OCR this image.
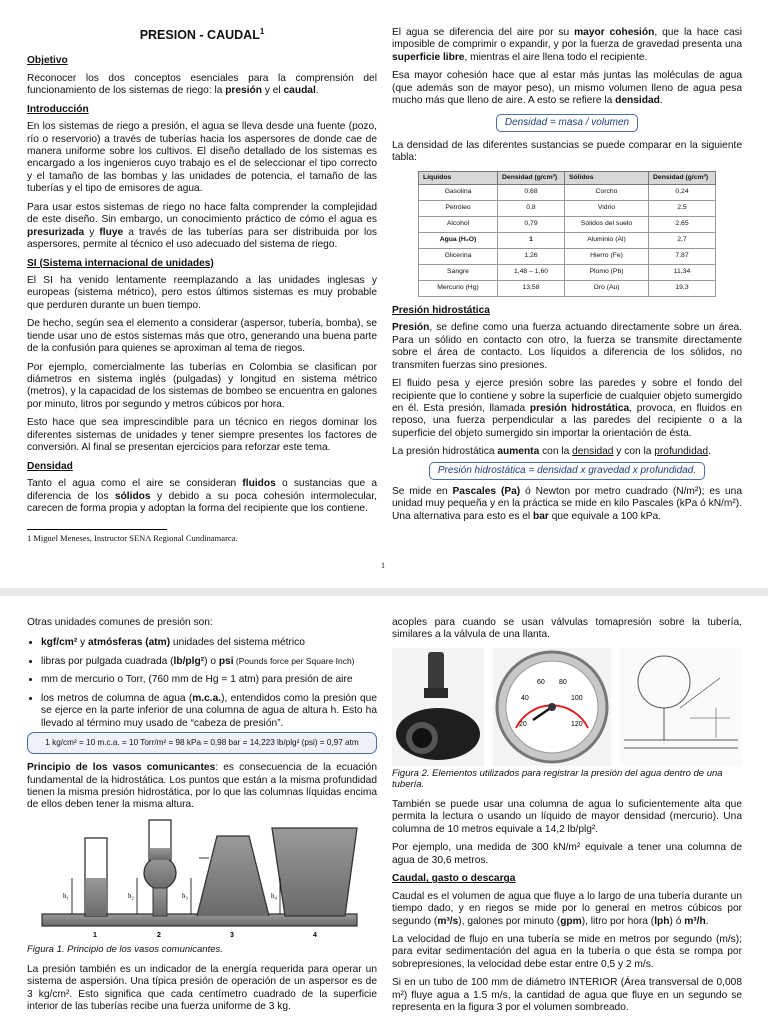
PRESION - CAUDAL$^1$
Objetivo

Reconocer los dos conceptos esenciales para la comprensión del funcionamiento de los sistemas de riego: la presión y el caudal.

Introducción

En los sistemas de riego a presión, el agua se lleva desde una fuente (pozo, río o reservorio) a través de tuberías hacia los aspersores de donde cae de manera uniforme sobre los cultivos. El diseño detallado de los sistemas es encargado a los ingenieros cuyo trabajo es el de seleccionar el tipo correcto y el tamaño de las bombas y las unidades de potencia, el tamaño de las tuberías y el tipo de emisores de agua.

Para usar estos sistemas de riego no hace falta comprender la complejidad de este diseño. Sin embargo, un conocimiento práctico de cómo el agua es presurizada y fluye a través de las tuberías para ser distribuida por los aspersores, permite al técnico el uso adecuado del sistema de riego.

SI (Sistema internacional de unidades)

El SI ha venido lentamente reemplazando a las unidades inglesas y europeas (sistema métrico), pero estos últimos sistemas es muy probable que perduren durante un buen tiempo.

De hecho, según sea el elemento a considerar (aspersor, tubería, bomba), se tiende usar uno de estos sistemas más que otro, generando una buena parte de la confusión para quienes se aproximan al tema de riegos.

Por ejemplo, comercialmente las tuberías en Colombia se clasifican por diámetros en sistema inglés (pulgadas) y longitud en sistema métrico (metros), y la capacidad de los sistemas de bombeo se encuentra en galones por minuto, litros por segundo y metros cúbicos por hora.

Esto hace que sea imprescindible para un técnico en riegos dominar los diferentes sistemas de unidades y tener siempre presentes los factores de conversión. Al final se presentan ejercicios para reforzar este tema.

Densidad

Tanto el agua como el aire se consideran fluidos o sustancias que a diferencia de los sólidos y debido a su poca cohesión intermolecular, carecen de forma propia y adoptan la forma del recipiente que los contiene.

1 Miguel Meneses, Instructor SENA Regional Cundinamarca.

El agua se diferencia del aire por su mayor cohesión, que la hace casi imposible de comprimir o expandir, y por la fuerza de gravedad presenta una superficie libre, mientras el aire llena todo el recipiente.

Esa mayor cohesión hace que al estar más juntas las moléculas de agua (que además son de mayor peso), un mismo volumen lleno de agua pesa mucho más que lleno de aire. A esto se refiere la densidad.

Densidad = masa / volumen

La densidad de las diferentes sustancias se puede comparar en la siguiente tabla:

Líquidos	Densidad (g/cm³)	Sólidos	Densidad (g/cm³)
Gasolina	0,68	Corcho	0,24
Petróleo	0,8	Vidrio	2,5
Alcohol	0,79	Sólidos del suelo	2,65
Agua (H₂O)	1	Aluminio (Al)	2,7
Glicerina	1,26	Hierro (Fe)	7,87
Sangre	1,48 – 1,60	Plomo (Pb)	11,34
Mercurio (Hg)	13,58	Oro (Au)	19,3
Presión hidrostática

Presión, se define como una fuerza actuando directamente sobre un área. Para un sólido en contacto con otro, la fuerza se transmite directamente sobre el área de contacto. Los líquidos a diferencia de los sólidos, no transmiten fuerzas sino presiones.

El fluido pesa y ejerce presión sobre las paredes y sobre el fondo del recipiente que lo contiene y sobre la superficie de cualquier objeto sumergido en él. Esta presión, llamada presión hidrostática, provoca, en fluidos en reposo, una fuerza perpendicular a las paredes del recipiente o a la superficie del objeto sumergido sin importar la orientación de ésta.

La presión hidrostática aumenta con la densidad y con la profundidad.

Presión hidrostática = densidad x gravedad x profundidad.

Se mide en Pascales (Pa) ó Newton por metro cuadrado (N/m²); es una unidad muy pequeña y en la práctica se mide en kilo Pascales (kPa ó kN/m²). Una alternativa para esto es el bar que equivale a 100 kPa.

1

Otras unidades comunes de presión son:

• kgf/cm² y atmósferas (atm) unidades del sistema métrico
• libras por pulgada cuadrada (lb/plg²) o psi (Pounds force per Square Inch)
• mm de mercurio o Torr, (760 mm de Hg = 1 atm) para presión de aire
• los metros de columna de agua (m.c.a.), entendidos como la presión que se ejerce en la parte inferior de una columna de agua de altura h. Esto ha llevado al término muy usado de “cabeza de presión”.
1 kg/cm² = 10 m.c.a. = 10 Torr/m² = 98 kPa = 0,98 bar = 14,223 lb/plg² (psi) = 0,97 atm

Principio de los vasos comunicantes: es consecuencia de la ecuación fundamental de la hidrostática. Los puntos que están a la misma profundidad tienen la misma presión hidrostática, por lo que las columnas líquidas encima de ellos deben tener la misma altura.

h₁	h₂	h₃	h₄
1	2	3	4
Figura 1. Principio de los vasos comunicantes.

La presión también es un indicador de la energía requerida para operar un sistema de aspersión. Una típica presión de operación de un aspersor es de 3 kg/cm². Esto significa que cada centímetro cuadrado de la superficie interior de las tuberías recibe una fuerza uniforme de 3 kg.

acoples para cuando se usan válvulas tomapresión sobre la tubería, similares a la válvula de una llanta.

20
40
60 80
100
120
Figura 2. Elementos utilizados para registrar la presión del agua dentro de una tubería.

También se puede usar una columna de agua lo suficientemente alta que permita la lectura o usando un líquido de mayor densidad (mercurio). Una columna de 10 metros equivale a 14,2 lb/plg².

Por ejemplo, una medida de 300 kN/m² equivale a tener una columna de agua de 30,6 metros.

Caudal, gasto o descarga

Caudal es el volumen de agua que fluye a lo largo de una tubería durante un tiempo dado, y en riegos se mide por lo general en metros cúbicos por segundo (m³/s), galones por minuto (gpm), litro por hora (lph) ó m³/h.

La velocidad de flujo en una tubería se mide en metros por segundo (m/s); para evitar sedimentación del agua en la tubería o que ésta se rompa por sobrepresiones, la velocidad debe estar entre 0,5 y 2 m/s.

Si en un tubo de 100 mm de diámetro INTERIOR (Área transversal de 0,008 m²) fluye agua a 1.5 m/s, la cantidad de agua que fluye en un segundo se representa en la figura 3 por el volumen sombreado.
